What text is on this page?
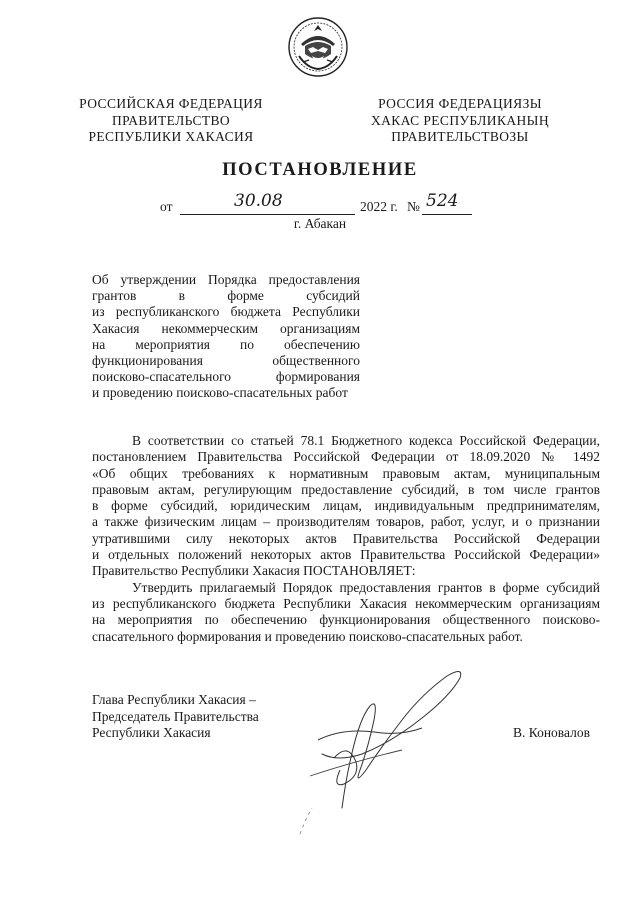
РОССИЙСКАЯ ФЕДЕРАЦИЯ
ПРАВИТЕЛЬСТВО
РЕСПУБЛИКИ ХАКАСИЯ
РОССИЯ ФЕДЕРАЦИЯЗЫ
ХАКАС РЕСПУБЛИКАНЫҢ
ПРАВИТЕЛЬСТВОЗЫ
ПОСТАНОВЛЕНИЕ
от	30.08	2022 г. № 524
г. Абакан
Об утверждении Порядка предоставления
грантов в форме субсидий
из республиканского бюджета Республики
Хакасия некоммерческим организациям
на мероприятия по обеспечению
функционирования общественного
поисково-спасательного формирования
и проведению поисково-спасательных работ
В соответствии со статьей 78.1 Бюджетного кодекса Российской Федерации,
постановлением Правительства Российской Федерации от 18.09.2020 № 1492
«Об общих требованиях к нормативным правовым актам, муниципальным
правовым актам, регулирующим предоставление субсидий, в том числе грантов
в форме субсидий, юридическим лицам, индивидуальным предпринимателям,
а также физическим лицам – производителям товаров, работ, услуг, и о признании
утратившими силу некоторых актов Правительства Российской Федерации
и отдельных положений некоторых актов Правительства Российской Федерации»
Правительство Республики Хакасия ПОСТАНОВЛЯЕТ:
Утвердить прилагаемый Порядок предоставления грантов в форме субсидий
из республиканского бюджета Республики Хакасия некоммерческим организациям
на мероприятия по обеспечению функционирования общественного поисково-
спасательного формирования и проведению поисково-спасательных работ.
Глава Республики Хакасия –
Председатель Правительства
Республики Хакасия	В. Коновалов
